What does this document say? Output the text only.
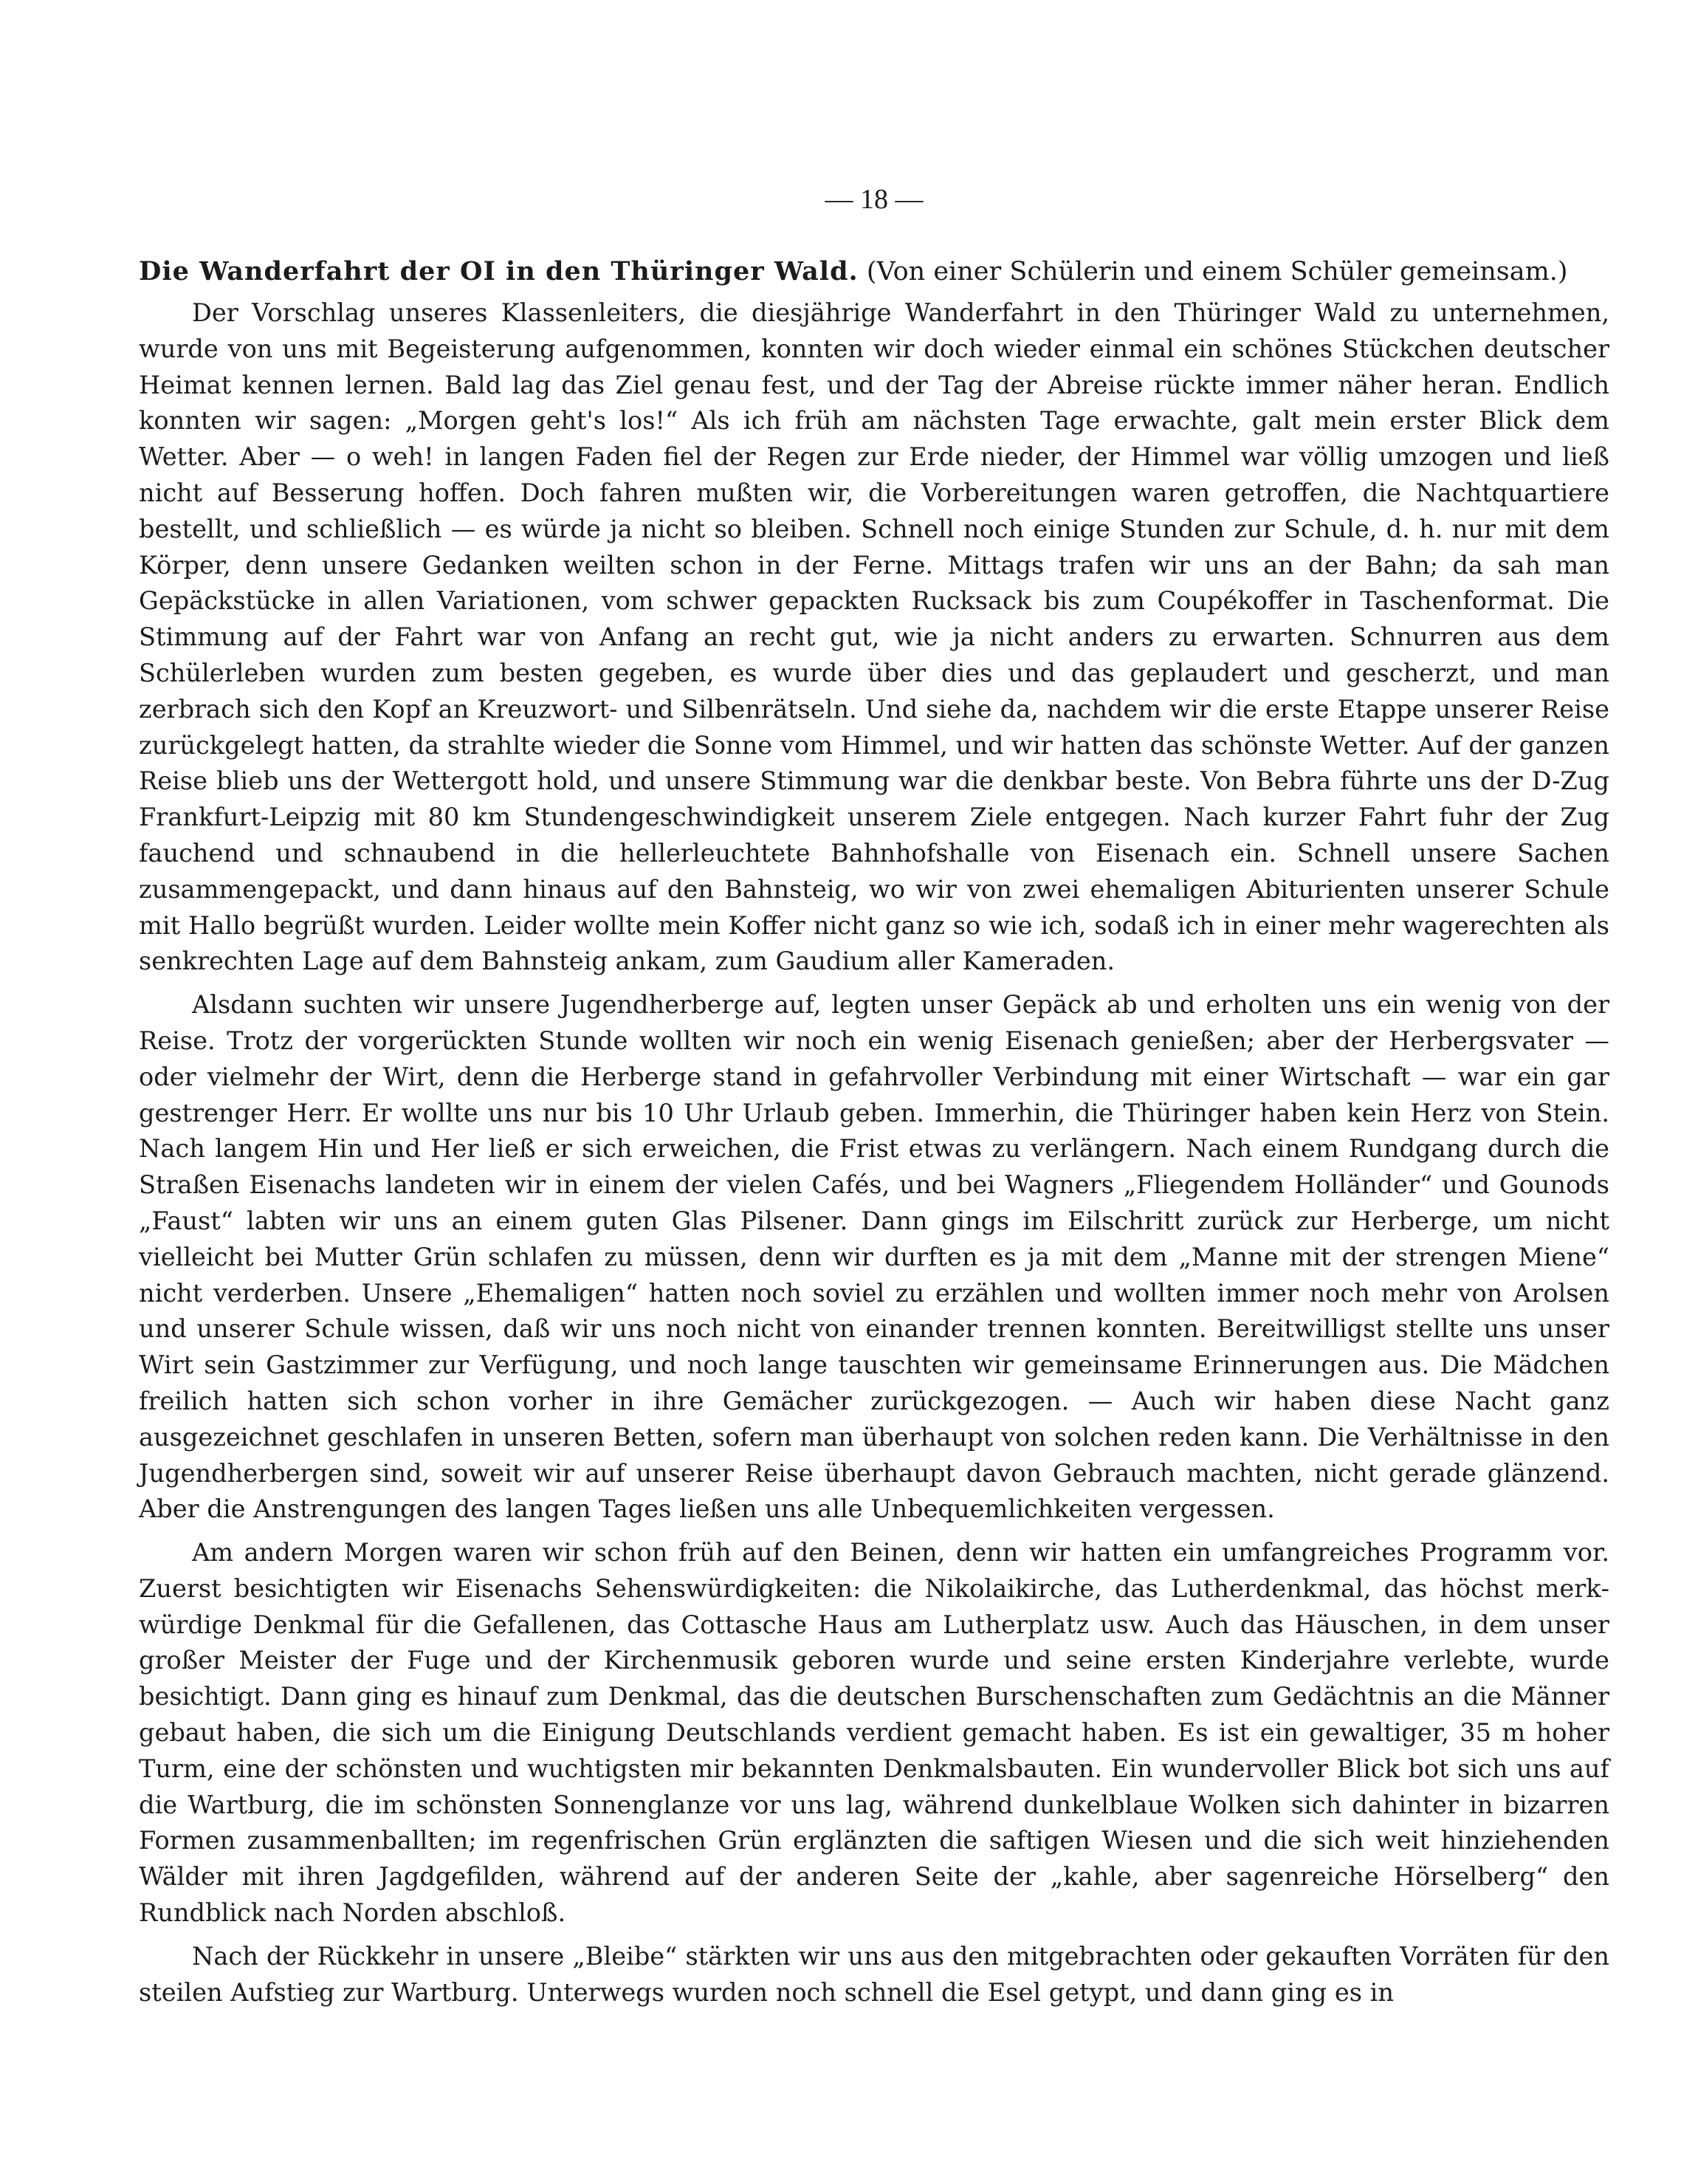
— 18 —

Die Wanderfahrt der OI in den Thüringer Wald. (Von einer Schülerin und einem Schüler gemeinsam.)

Der Vorschlag unseres Klassenleiters, die diesjährige Wanderfahrt in den Thüringer Wald zu unternehmen, wurde von uns mit Begeisterung aufgenommen, konnten wir doch wieder einmal ein schönes Stückchen deutscher Heimat kennen lernen. Bald lag das Ziel genau fest, und der Tag der Abreise rückte immer näher heran. Endlich konnten wir sagen: „Morgen geht's los!“ Als ich früh am nächsten Tage erwachte, galt mein erster Blick dem Wetter. Aber — o weh! in langen Faden fiel der Regen zur Erde nieder, der Himmel war völlig umzogen und ließ nicht auf Besserung hoffen. Doch fahren mußten wir, die Vorbereitungen waren getroffen, die Nachtquartiere bestellt, und schließlich — es würde ja nicht so bleiben. Schnell noch einige Stunden zur Schule, d. h. nur mit dem Körper, denn unsere Gedanken weilten schon in der Ferne. Mittags trafen wir uns an der Bahn; da sah man Gepäckstücke in allen Variationen, vom schwer gepackten Rucksack bis zum Coupékoffer in Taschenformat. Die Stimmung auf der Fahrt war von Anfang an recht gut, wie ja nicht anders zu erwarten. Schnurren aus dem Schülerleben wurden zum besten gegeben, es wurde über dies und das geplaudert und gescherzt, und man zerbrach sich den Kopf an Kreuzwort- und Silbenrätseln. Und siehe da, nachdem wir die erste Etappe unserer Reise zurückgelegt hatten, da strahlte wieder die Sonne vom Himmel, und wir hatten das schönste Wetter. Auf der ganzen Reise blieb uns der Wettergott hold, und unsere Stimmung war die denkbar beste. Von Bebra führte uns der D-Zug Frankfurt-Leipzig mit 80 km Stundengeschwindigkeit unserem Ziele entgegen. Nach kurzer Fahrt fuhr der Zug fauchend und schnaubend in die hellerleuchtete Bahnhofshalle von Eisenach ein. Schnell unsere Sachen zusammengepackt, und dann hinaus auf den Bahnsteig, wo wir von zwei ehemaligen Abiturienten unserer Schule mit Hallo begrüßt wurden. Leider wollte mein Koffer nicht ganz so wie ich, sodaß ich in einer mehr wagerechten als senkrechten Lage auf dem Bahnsteig ankam, zum Gaudium aller Kameraden.

Alsdann suchten wir unsere Jugendherberge auf, legten unser Gepäck ab und erholten uns ein wenig von der Reise. Trotz der vorgerückten Stunde wollten wir noch ein wenig Eisenach genießen; aber der Herbergsvater — oder vielmehr der Wirt, denn die Herberge stand in gefahrvoller Verbindung mit einer Wirtschaft — war ein gar gestrenger Herr. Er wollte uns nur bis 10 Uhr Urlaub geben. Immerhin, die Thüringer haben kein Herz von Stein. Nach langem Hin und Her ließ er sich erweichen, die Frist etwas zu verlängern. Nach einem Rundgang durch die Straßen Eisenachs landeten wir in einem der vielen Cafés, und bei Wagners „Fliegendem Holländer“ und Gounods „Faust“ labten wir uns an einem guten Glas Pilsener. Dann gings im Eilschritt zurück zur Herberge, um nicht vielleicht bei Mutter Grün schlafen zu müssen, denn wir durften es ja mit dem „Manne mit der strengen Miene“ nicht verderben. Unsere „Ehemaligen“ hatten noch soviel zu erzählen und wollten immer noch mehr von Arolsen und unserer Schule wissen, daß wir uns noch nicht von einander trennen konnten. Bereitwilligst stellte uns unser Wirt sein Gastzimmer zur Verfügung, und noch lange tauschten wir gemeinsame Erinnerungen aus. Die Mädchen freilich hatten sich schon vorher in ihre Gemächer zurückgezogen. — Auch wir haben diese Nacht ganz ausgezeichnet geschlafen in unseren Betten, sofern man überhaupt von solchen reden kann. Die Verhältnisse in den Jugendherbergen sind, soweit wir auf unserer Reise überhaupt davon Gebrauch machten, nicht gerade glänzend. Aber die Anstrengungen des langen Tages ließen uns alle Unbequemlichkeiten vergessen.

Am andern Morgen waren wir schon früh auf den Beinen, denn wir hatten ein umfangreiches Programm vor. Zuerst besichtigten wir Eisenachs Sehenswürdigkeiten: die Nikolaikirche, das Lutherdenkmal, das höchst merkwürdige Denkmal für die Gefallenen, das Cottasche Haus am Lutherplatz usw. Auch das Häuschen, in dem unser großer Meister der Fuge und der Kirchenmusik geboren wurde und seine ersten Kinderjahre verlebte, wurde besichtigt. Dann ging es hinauf zum Denkmal, das die deutschen Burschenschaften zum Gedächtnis an die Männer gebaut haben, die sich um die Einigung Deutschlands verdient gemacht haben. Es ist ein gewaltiger, 35 m hoher Turm, eine der schönsten und wuchtigsten mir bekannten Denkmalsbauten. Ein wundervoller Blick bot sich uns auf die Wartburg, die im schönsten Sonnenglanze vor uns lag, während dunkelblaue Wolken sich dahinter in bizarren Formen zusammenballten; im regenfrischen Grün erglänzten die saftigen Wiesen und die sich weit hinziehenden Wälder mit ihren Jagdgefilden, während auf der anderen Seite der „kahle, aber sagenreiche Hörselberg“ den Rundblick nach Norden abschloß.

Nach der Rückkehr in unsere „Bleibe“ stärkten wir uns aus den mitgebrachten oder gekauften Vorräten für den steilen Aufstieg zur Wartburg. Unterwegs wurden noch schnell die Esel getypt, und dann ging es in
